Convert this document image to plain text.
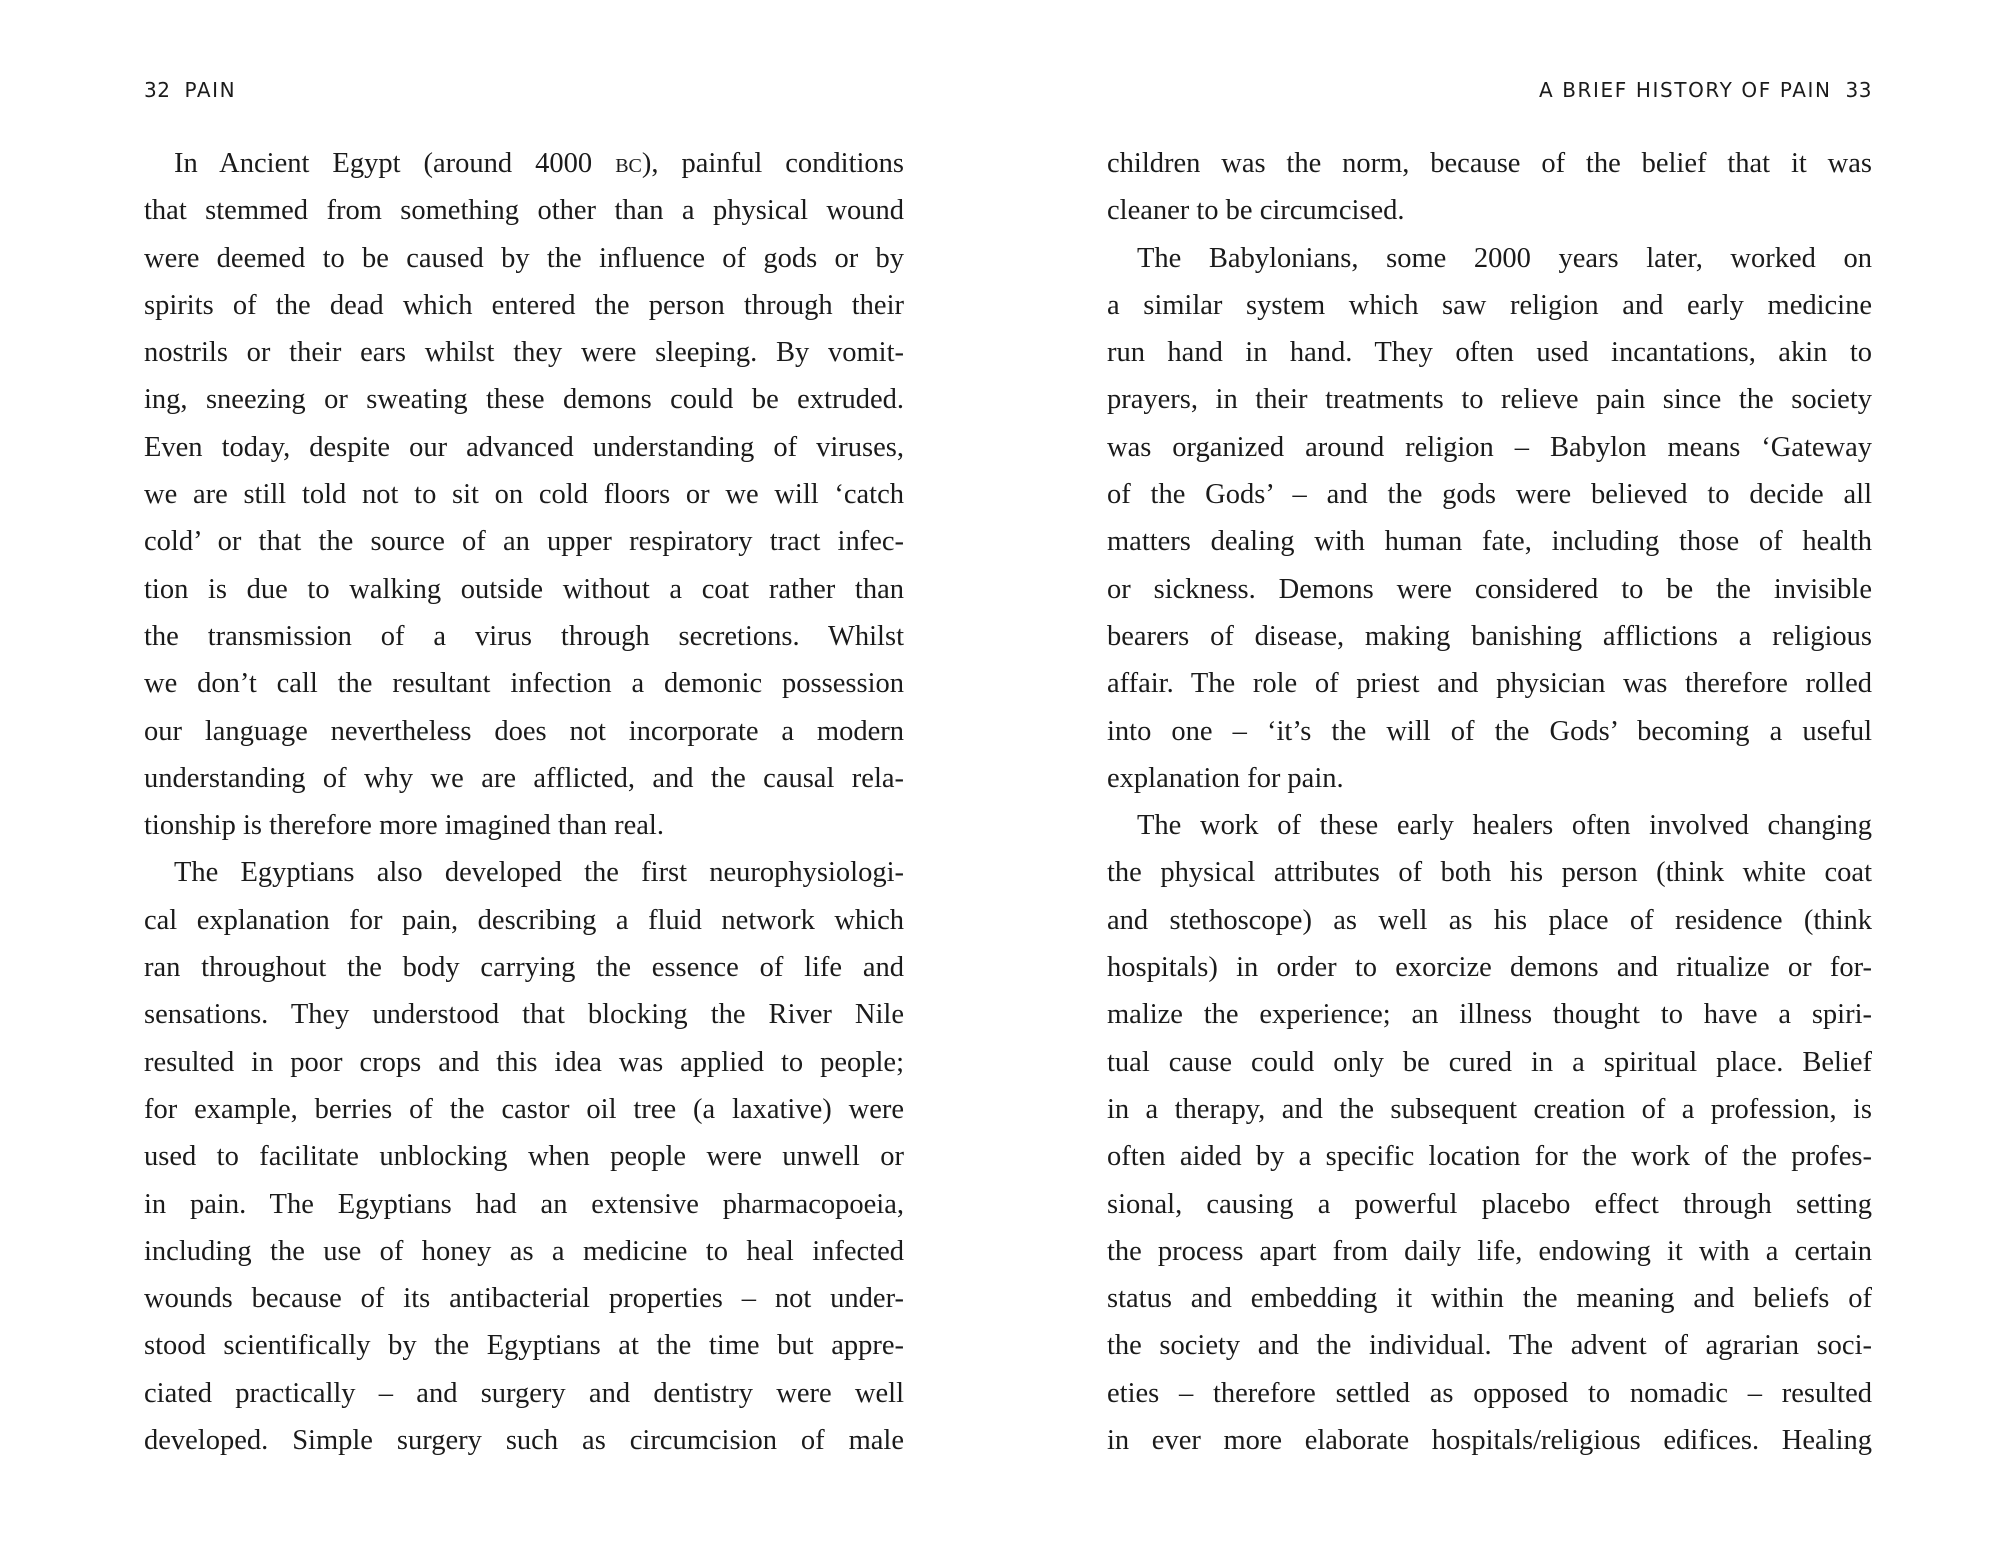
32 PAIN
In Ancient Egypt (around 4000 bc), painful conditions
that stemmed from something other than a physical wound
were deemed to be caused by the influence of gods or by
spirits of the dead which entered the person through their
nostrils or their ears whilst they were sleeping. By vomit-
ing, sneezing or sweating these demons could be extruded.
Even today, despite our advanced understanding of viruses,
we are still told not to sit on cold floors or we will ‘catch
cold’ or that the source of an upper respiratory tract infec-
tion is due to walking outside without a coat rather than
the transmission of a virus through secretions. Whilst
we don’t call the resultant infection a demonic possession
our language nevertheless does not incorporate a modern
understanding of why we are afflicted, and the causal rela-
tionship is therefore more imagined than real.
The Egyptians also developed the first neurophysiologi-
cal explanation for pain, describing a fluid network which
ran throughout the body carrying the essence of life and
sensations. They understood that blocking the River Nile
resulted in poor crops and this idea was applied to people;
for example, berries of the castor oil tree (a laxative) were
used to facilitate unblocking when people were unwell or
in pain. The Egyptians had an extensive pharmacopoeia,
including the use of honey as a medicine to heal infected
wounds because of its antibacterial properties – not under-
stood scientifically by the Egyptians at the time but appre-
ciated practically – and surgery and dentistry were well
developed. Simple surgery such as circumcision of male
A BRIEF HISTORY OF PAIN 33
children was the norm, because of the belief that it was
cleaner to be circumcised.
The Babylonians, some 2000 years later, worked on
a similar system which saw religion and early medicine
run hand in hand. They often used incantations, akin to
prayers, in their treatments to relieve pain since the society
was organized around religion – Babylon means ‘Gateway
of the Gods’ – and the gods were believed to decide all
matters dealing with human fate, including those of health
or sickness. Demons were considered to be the invisible
bearers of disease, making banishing afflictions a religious
affair. The role of priest and physician was therefore rolled
into one – ‘it’s the will of the Gods’ becoming a useful
explanation for pain.
The work of these early healers often involved changing
the physical attributes of both his person (think white coat
and stethoscope) as well as his place of residence (think
hospitals) in order to exorcize demons and ritualize or for-
malize the experience; an illness thought to have a spiri-
tual cause could only be cured in a spiritual place. Belief
in a therapy, and the subsequent creation of a profession, is
often aided by a specific location for the work of the profes-
sional, causing a powerful placebo effect through setting
the process apart from daily life, endowing it with a certain
status and embedding it within the meaning and beliefs of
the society and the individual. The advent of agrarian soci-
eties – therefore settled as opposed to nomadic – resulted
in ever more elaborate hospitals/religious edifices. Healing
